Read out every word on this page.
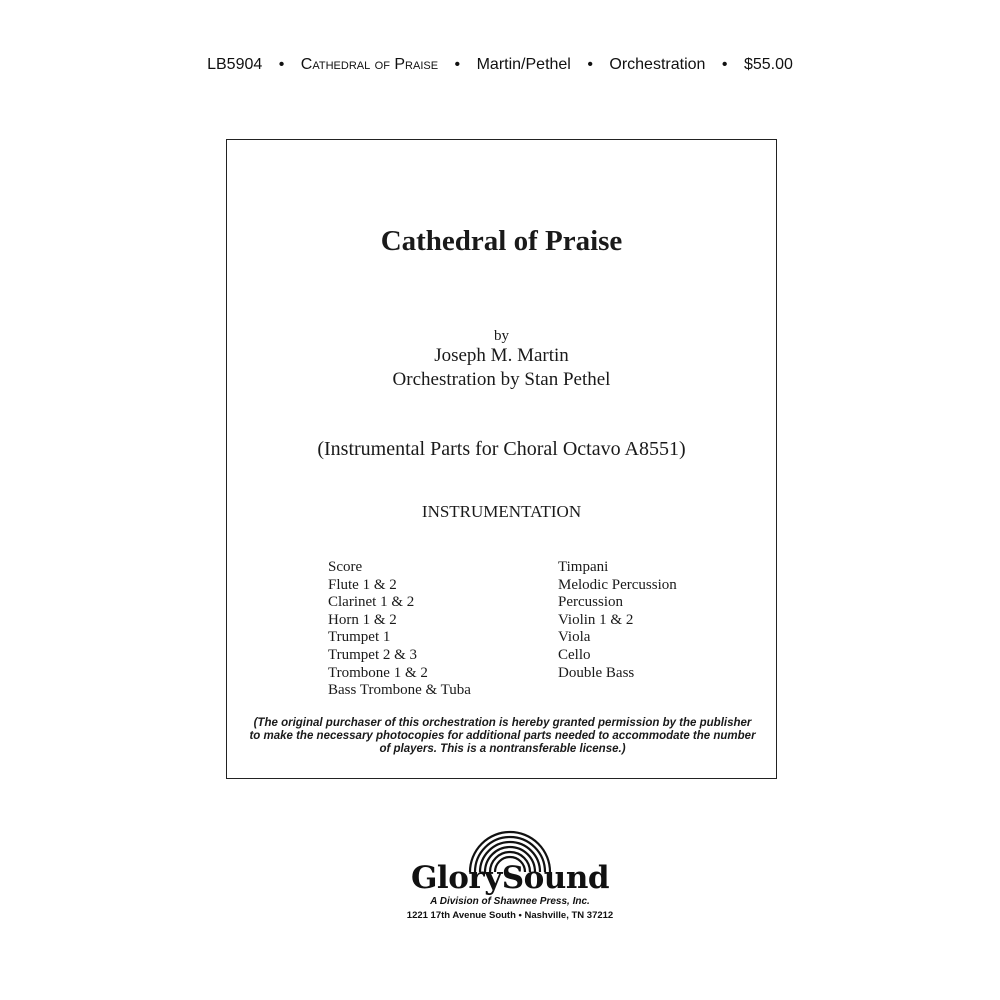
LB5904 • Cathedral of Praise • Martin/Pethel • Orchestration • $55.00
Cathedral of Praise
by
Joseph M. Martin
Orchestration by Stan Pethel
(Instrumental Parts for Choral Octavo A8551)
INSTRUMENTATION
Score
Flute 1 & 2
Clarinet 1 & 2
Horn 1 & 2
Trumpet 1
Trumpet 2 & 3
Trombone 1 & 2
Bass Trombone & Tuba
Timpani
Melodic Percussion
Percussion
Violin 1 & 2
Viola
Cello
Double Bass
(The original purchaser of this orchestration is hereby granted permission by the publisher to make the necessary photocopies for additional parts needed to accommodate the number of players. This is a nontransferable license.)
GlorySound
A Division of Shawnee Press, Inc.
1221 17th Avenue South • Nashville, TN 37212
